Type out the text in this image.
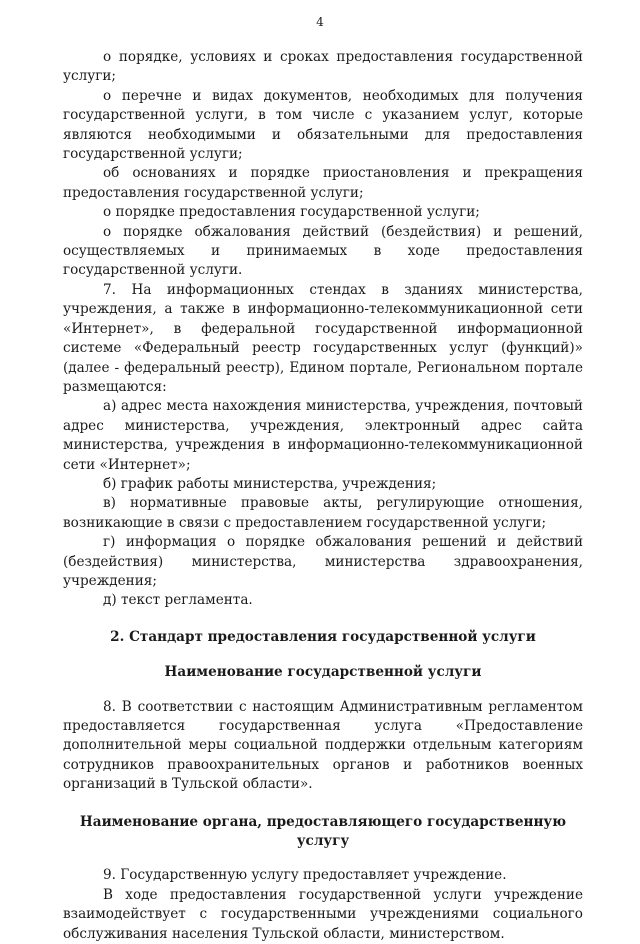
4

о порядке, условиях и сроках предоставления государственной услуги;

о перечне и видах документов, необходимых для получения государственной услуги, в том числе с указанием услуг, которые являются необходимыми и обязательными для предоставления государственной услуги;

об основаниях и порядке приостановления и прекращения предоставления государственной услуги;

о порядке предоставления государственной услуги;

о порядке обжалования действий (бездействия) и решений, осуществляемых и принимаемых в ходе предоставления государственной услуги.

7. На информационных стендах в зданиях министерства, учреждения, а также в информационно-телекоммуникационной сети «Интернет», в федеральной государственной информационной системе «Федеральный реестр государственных услуг (функций)» (далее - федеральный реестр), Едином портале, Региональном портале размещаются:

а) адрес места нахождения министерства, учреждения, почтовый адрес министерства, учреждения, электронный адрес сайта министерства, учреждения в информационно-телекоммуникационной сети «Интернет»;

б) график работы министерства, учреждения;

в) нормативные правовые акты, регулирующие отношения, возникающие в связи с предоставлением государственной услуги;

г) информация о порядке обжалования решений и действий (бездействия) министерства, министерства здравоохранения, учреждения;

д) текст регламента.

2. Стандарт предоставления государственной услуги
Наименование государственной услуги

8. В соответствии с настоящим Административным регламентом предоставляется государственная услуга «Предоставление дополнительной меры социальной поддержки отдельным категориям сотрудников правоохранительных органов и работников военных организаций в Тульской области».

Наименование органа, предоставляющего государственную услугу

9. Государственную услугу предоставляет учреждение.

В ходе предоставления государственной услуги учреждение взаимодействует с государственными учреждениями социального обслуживания населения Тульской области, министерством.
